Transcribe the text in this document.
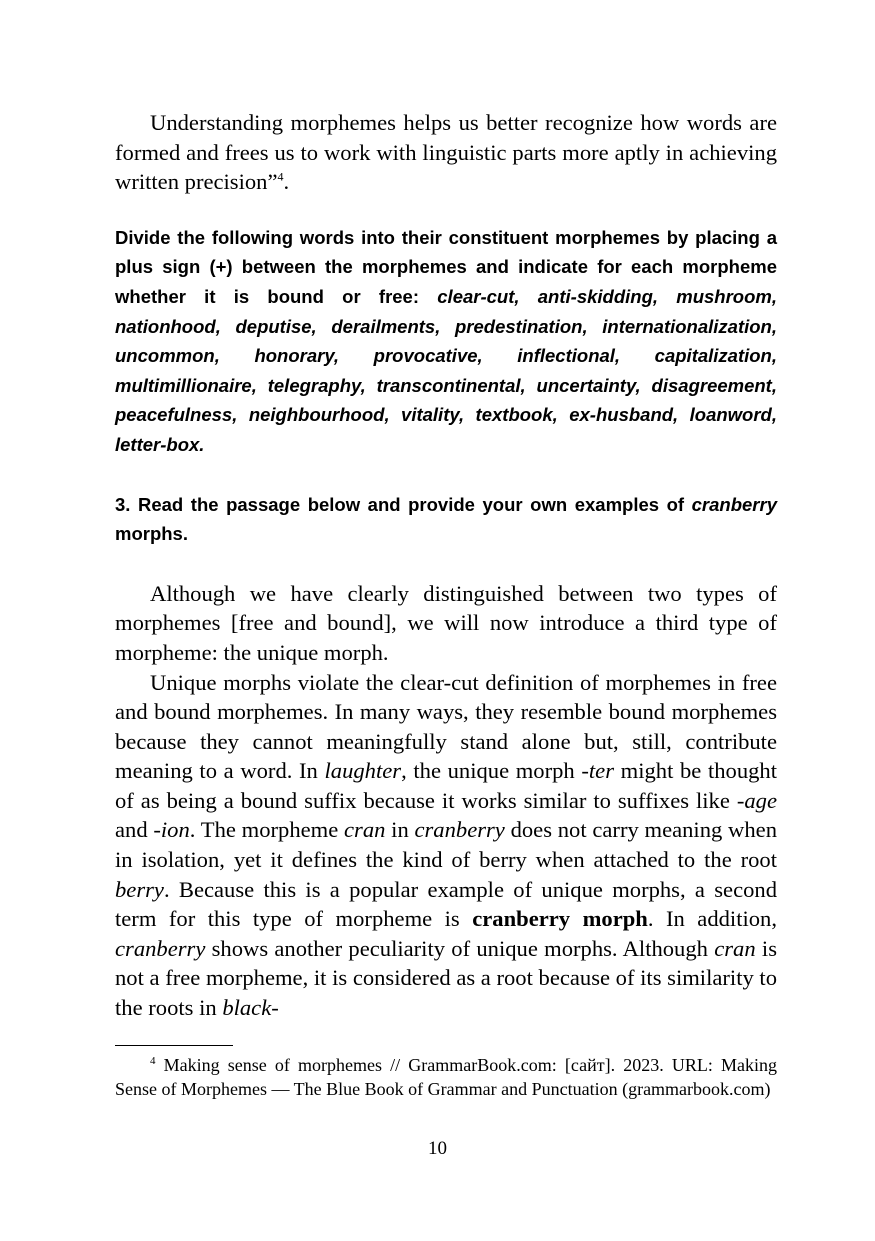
Understanding morphemes helps us better recognize how words are formed and frees us to work with linguistic parts more aptly in achieving written precision”$^4$.

Divide the following words into their constituent morphemes by placing a plus sign (+) between the morphemes and indicate for each morpheme whether it is bound or free: clear-cut, anti-skidding, mushroom, nationhood, deputise, derailments, predestination, internationalization, uncommon, honorary, provocative, inflectional, capitalization, multimillionaire, telegraphy, transcontinental, uncertainty, disagreement, peacefulness, neighbourhood, vitality, textbook, ex-husband, loanword, letter-box.

3. Read the passage below and provide your own examples of cranberry morphs.

Although we have clearly distinguished between two types of morphemes [free and bound], we will now introduce a third type of morpheme: the unique morph.

Unique morphs violate the clear-cut definition of morphemes in free and bound morphemes. In many ways, they resemble bound morphemes because they cannot meaningfully stand alone but, still, contribute meaning to a word. In laughter, the unique morph -ter might be thought of as being a bound suffix because it works similar to suffixes like -age and -ion. The morpheme cran in cranberry does not carry meaning when in isolation, yet it defines the kind of berry when attached to the root berry. Because this is a popular example of unique morphs, a second term for this type of morpheme is cranberry morph. In addition, cranberry shows another peculiarity of unique morphs. Although cran is not a free morpheme, it is considered as a root because of its similarity to the roots in black-

$^4$ Making sense of morphemes // GrammarBook.com: [сайт]. 2023. URL: Making Sense of Morphemes — The Blue Book of Grammar and Punctuation (grammarbook.com)

10
